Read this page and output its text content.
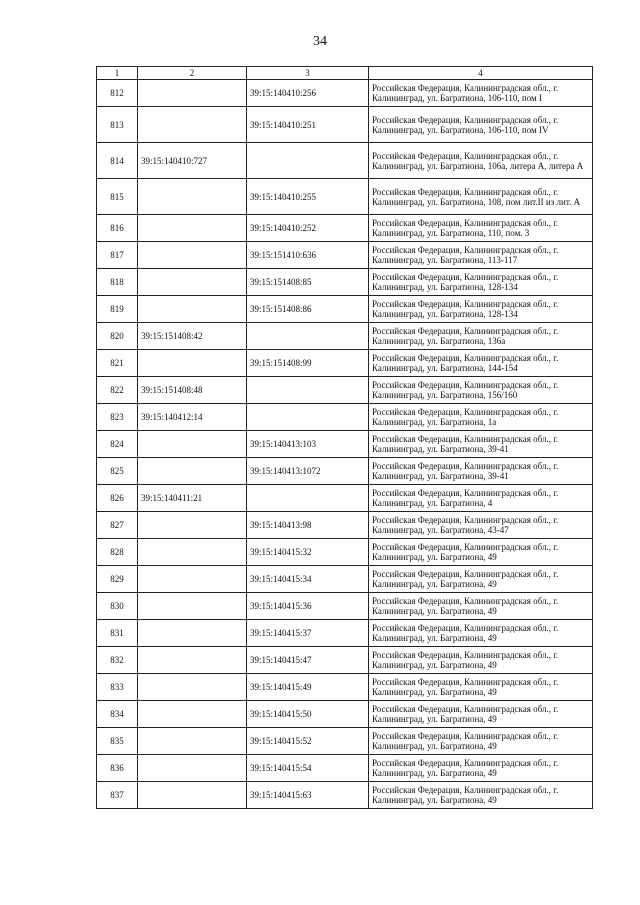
34
1	2	3	4
812		39:15:140410:256	Российская Федерация, Калининградская обл., г. Калининград, ул. Багратиона, 106-110, пом I
813		39:15:140410:251	Российская Федерация, Калининградская обл., г. Калининград, ул. Багратиона, 106-110, пом IV
814	39:15:140410:727		Российская Федерация, Калининградская обл., г. Калининград, ул. Багратиона, 106а, литера А, литера А
815		39:15:140410:255	Российская Федерация, Калининградская обл., г. Калининград, ул. Багратиона, 108, пом лит.II из лит. А
816		39:15:140410:252	Российская Федерация, Калининградская обл., г. Калининград, ул. Багратиона, 110, пом. 3
817		39:15:151410:636	Российская Федерация, Калининградская обл., г. Калининград, ул. Багратиона, 113-117
818		39:15:151408:85	Российская Федерация, Калининградская обл., г. Калининград, ул. Багратиона, 128-134
819		39:15:151408:86	Российская Федерация, Калининградская обл., г. Калининград, ул. Багратиона, 128-134
820	39:15:151408:42		Российская Федерация, Калининградская обл., г. Калининград, ул. Багратиона, 136а
821		39:15:151408:99	Российская Федерация, Калининградская обл., г. Калининград, ул. Багратиона, 144-154
822	39:15:151408:48		Российская Федерация, Калининградская обл., г. Калининград, ул. Багратиона, 156/160
823	39:15:140412:14		Российская Федерация, Калининградская обл., г. Калининград, ул. Багратиона, 1а
824		39:15:140413:103	Российская Федерация, Калининградская обл., г. Калининград, ул. Багратиона, 39-41
825		39:15:140413:1072	Российская Федерация, Калининградская обл., г. Калининград, ул. Багратиона, 39-41
826	39:15:140411:21		Российская Федерация, Калининградская обл., г. Калининград, ул. Багратиона, 4
827		39:15:140413:98	Российская Федерация, Калининградская обл., г. Калининград, ул. Багратиона, 43-47
828		39:15:140415:32	Российская Федерация, Калининградская обл., г. Калининград, ул. Багратиона, 49
829		39:15:140415:34	Российская Федерация, Калининградская обл., г. Калининград, ул. Багратиона, 49
830		39:15:140415:36	Российская Федерация, Калининградская обл., г. Калининград, ул. Багратиона, 49
831		39:15:140415:37	Российская Федерация, Калининградская обл., г. Калининград, ул. Багратиона, 49
832		39:15:140415:47	Российская Федерация, Калининградская обл., г. Калининград, ул. Багратиона, 49
833		39:15:140415:49	Российская Федерация, Калининградская обл., г. Калининград, ул. Багратиона, 49
834		39:15:140415:50	Российская Федерация, Калининградская обл., г. Калининград, ул. Багратиона, 49
835		39:15:140415:52	Российская Федерация, Калининградская обл., г. Калининград, ул. Багратиона, 49
836		39:15:140415:54	Российская Федерация, Калининградская обл., г. Калининград, ул. Багратиона, 49
837		39:15:140415:63	Российская Федерация, Калининградская обл., г. Калининград, ул. Багратиона, 49
